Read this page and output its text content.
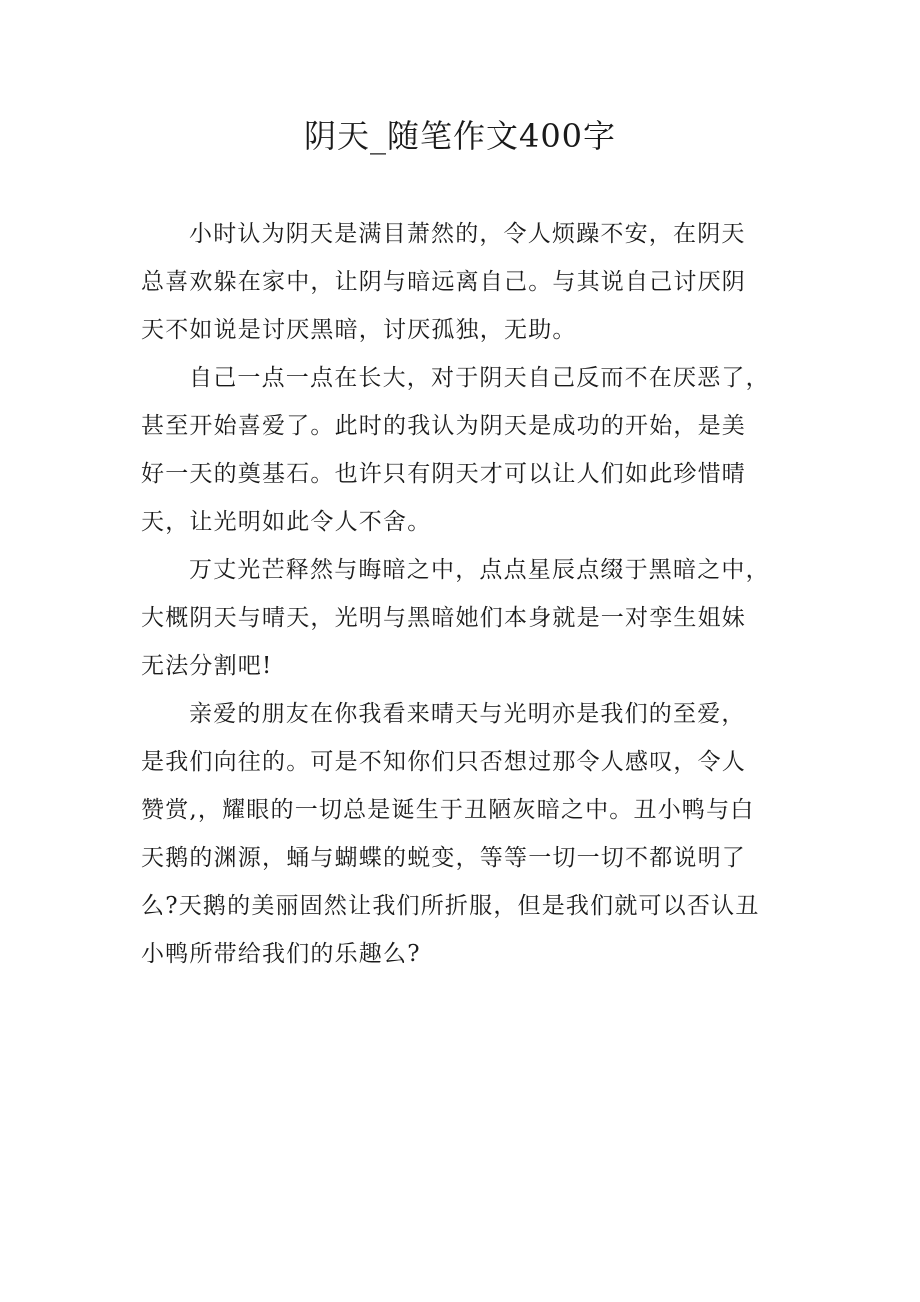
阴天_随笔作文400字

小时认为阴天是满目萧然的，令人烦躁不安，在阴天
总喜欢躲在家中，让阴与暗远离自己。与其说自己讨厌阴
天不如说是讨厌黑暗，讨厌孤独，无助。

自己一点一点在长大，对于阴天自己反而不在厌恶了，
甚至开始喜爱了。此时的我认为阴天是成功的开始，是美
好一天的奠基石。也许只有阴天才可以让人们如此珍惜晴
天，让光明如此令人不舍。

万丈光芒释然与晦暗之中，点点星辰点缀于黑暗之中，
大概阴天与晴天，光明与黑暗她们本身就是一对孪生姐妹
无法分割吧!

亲爱的朋友在你我看来晴天与光明亦是我们的至爱，
是我们向往的。可是不知你们只否想过那令人感叹，令人
赞赏,，耀眼的一切总是诞生于丑陋灰暗之中。丑小鸭与白
天鹅的渊源，蛹与蝴蝶的蜕变，等等一切一切不都说明了
么?天鹅的美丽固然让我们所折服，但是我们就可以否认丑
小鸭所带给我们的乐趣么?
